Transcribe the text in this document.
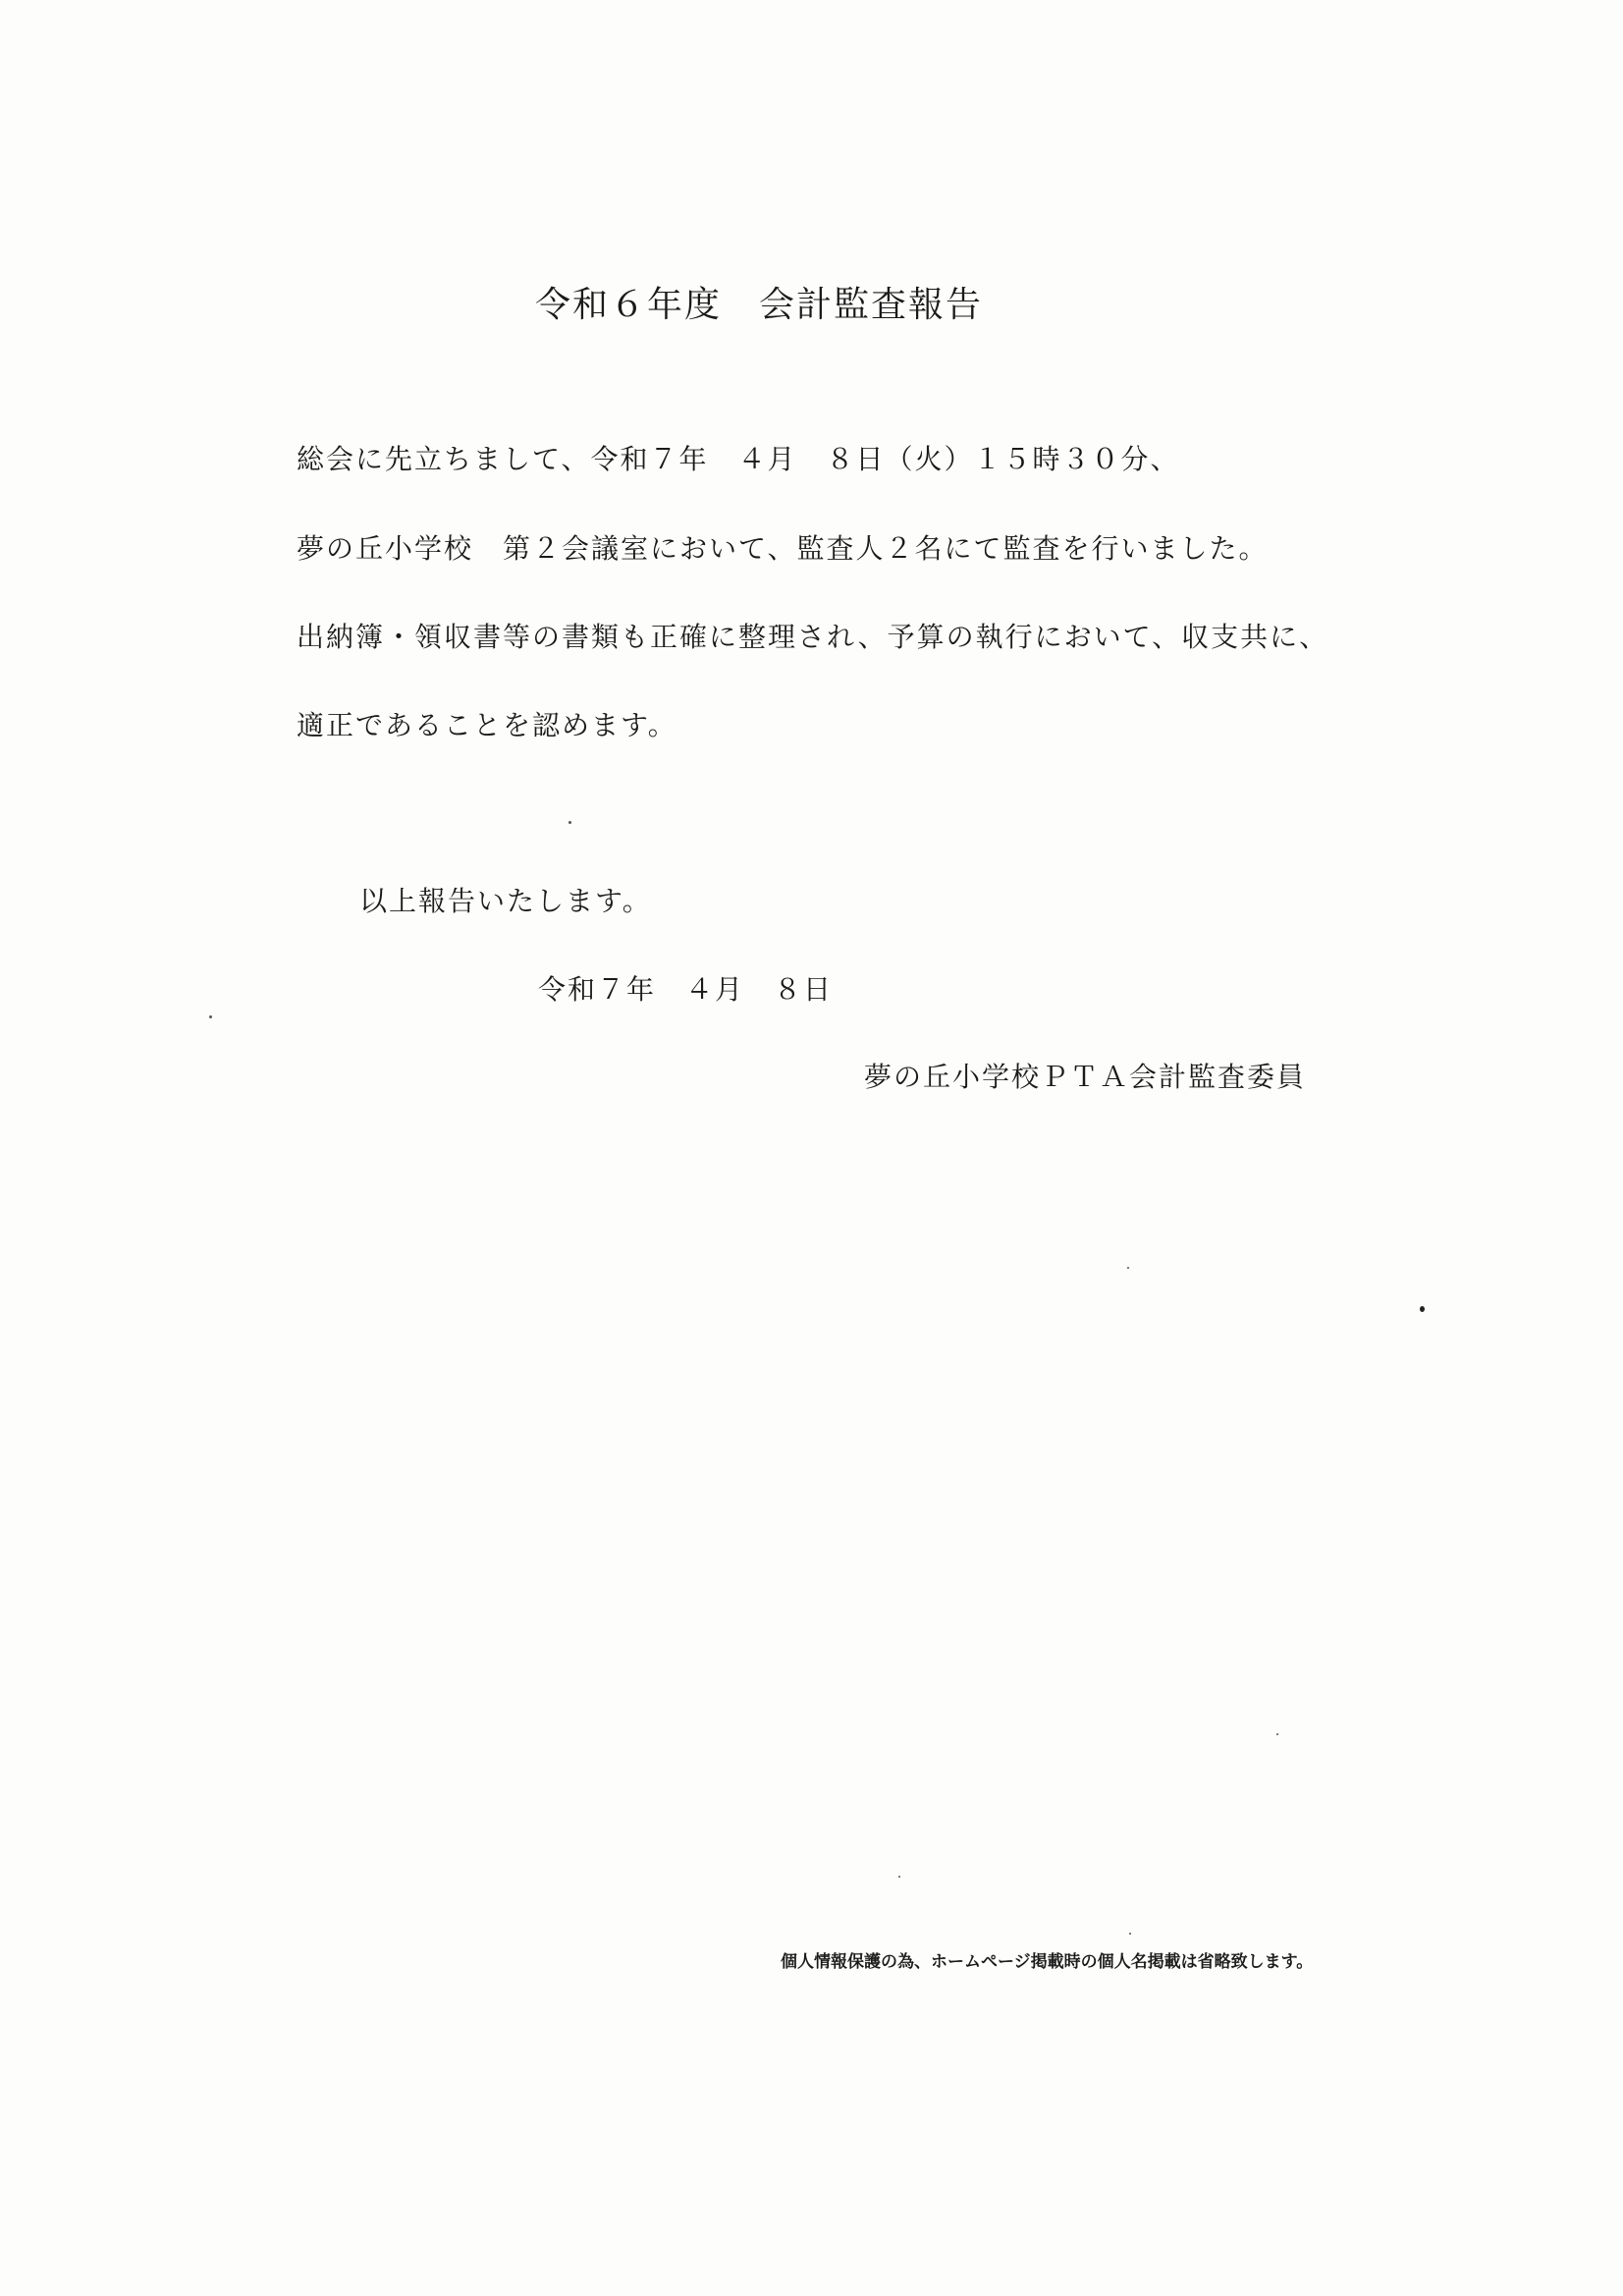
令和６年度　会計監査報告
総会に先立ちまして、令和７年　４月　８日（火）１５時３０分、
夢の丘小学校　第２会議室において、監査人２名にて監査を行いました。
出納簿・領収書等の書類も正確に整理され、予算の執行において、収支共に、
適正であることを認めます。
以上報告いたします。
令和７年　４月　８日
夢の丘小学校ＰＴＡ会計監査委員
個人情報保護の為、ホームページ掲載時の個人名掲載は省略致します。
